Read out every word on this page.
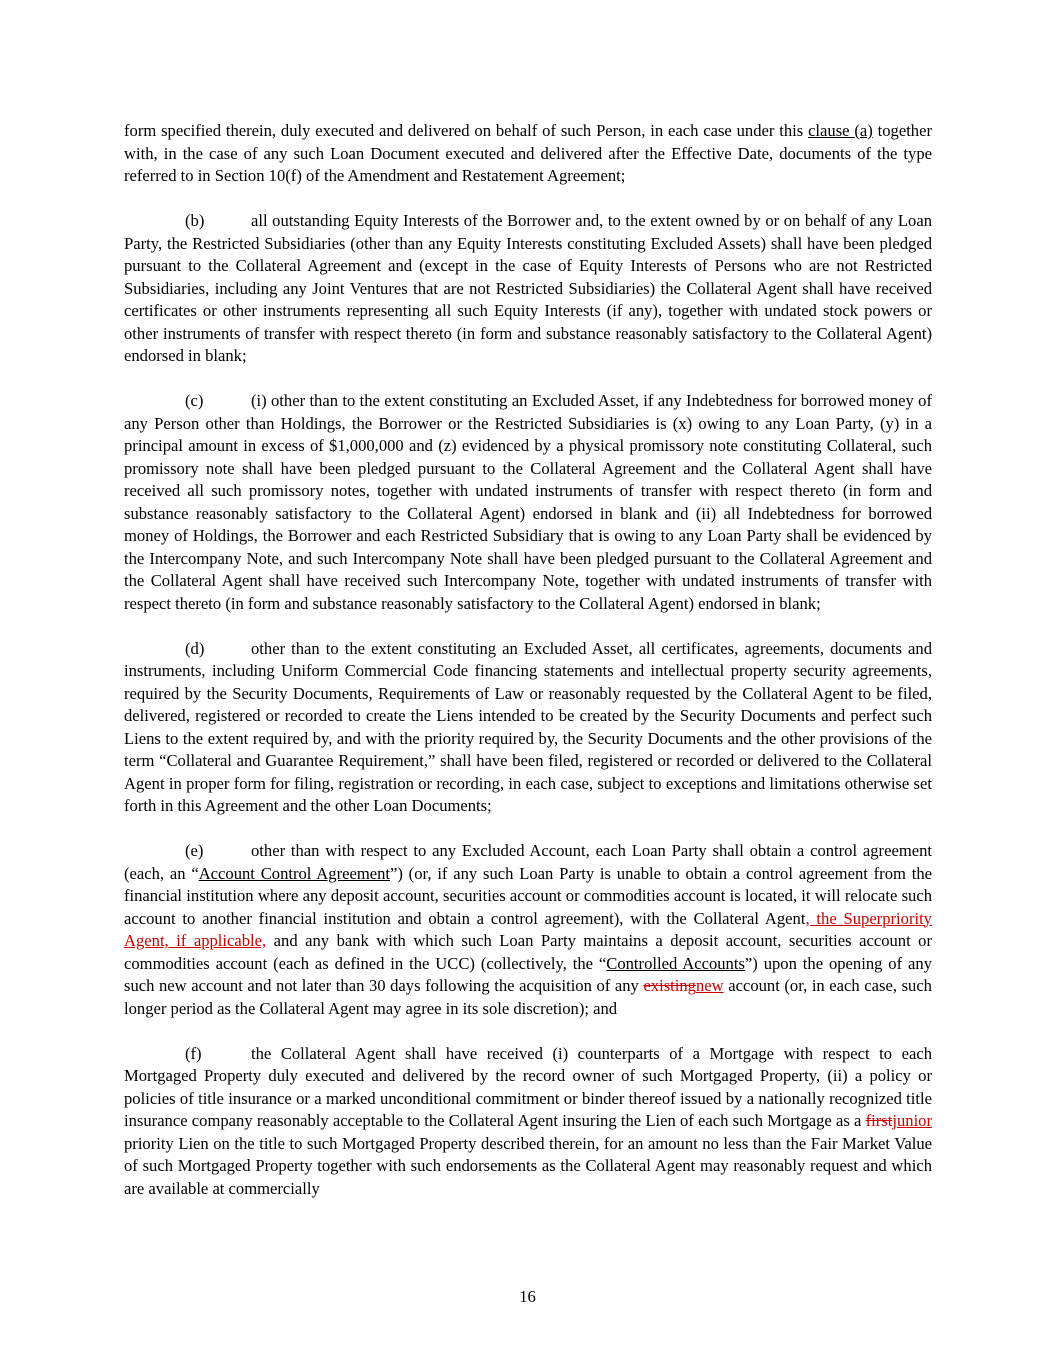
form specified therein, duly executed and delivered on behalf of such Person, in each case under this clause (a) together with, in the case of any such Loan Document executed and delivered after the Effective Date, documents of the type referred to in Section 10(f) of the Amendment and Restatement Agreement;

(b)	all outstanding Equity Interests of the Borrower and, to the extent owned by or on behalf of any Loan Party, the Restricted Subsidiaries (other than any Equity Interests constituting Excluded Assets) shall have been pledged pursuant to the Collateral Agreement and (except in the case of Equity Interests of Persons who are not Restricted Subsidiaries, including any Joint Ventures that are not Restricted Subsidiaries) the Collateral Agent shall have received certificates or other instruments representing all such Equity Interests (if any), together with undated stock powers or other instruments of transfer with respect thereto (in form and substance reasonably satisfactory to the Collateral Agent) endorsed in blank;

(c)	(i) other than to the extent constituting an Excluded Asset, if any Indebtedness for borrowed money of any Person other than Holdings, the Borrower or the Restricted Subsidiaries is (x) owing to any Loan Party, (y) in a principal amount in excess of $1,000,000 and (z) evidenced by a physical promissory note constituting Collateral, such promissory note shall have been pledged pursuant to the Collateral Agreement and the Collateral Agent shall have received all such promissory notes, together with undated instruments of transfer with respect thereto (in form and substance reasonably satisfactory to the Collateral Agent) endorsed in blank and (ii) all Indebtedness for borrowed money of Holdings, the Borrower and each Restricted Subsidiary that is owing to any Loan Party shall be evidenced by the Intercompany Note, and such Intercompany Note shall have been pledged pursuant to the Collateral Agreement and the Collateral Agent shall have received such Intercompany Note, together with undated instruments of transfer with respect thereto (in form and substance reasonably satisfactory to the Collateral Agent) endorsed in blank;

(d)	other than to the extent constituting an Excluded Asset, all certificates, agreements, documents and instruments, including Uniform Commercial Code financing statements and intellectual property security agreements, required by the Security Documents, Requirements of Law or reasonably requested by the Collateral Agent to be filed, delivered, registered or recorded to create the Liens intended to be created by the Security Documents and perfect such Liens to the extent required by, and with the priority required by, the Security Documents and the other provisions of the term “Collateral and Guarantee Requirement,” shall have been filed, registered or recorded or delivered to the Collateral Agent in proper form for filing, registration or recording, in each case, subject to exceptions and limitations otherwise set forth in this Agreement and the other Loan Documents;

(e)	other than with respect to any Excluded Account, each Loan Party shall obtain a control agreement (each, an “Account Control Agreement”) (or, if any such Loan Party is unable to obtain a control agreement from the financial institution where any deposit account, securities account or commodities account is located, it will relocate such account to another financial institution and obtain a control agreement), with the Collateral Agent, the Superpriority Agent, if applicable, and any bank with which such Loan Party maintains a deposit account, securities account or commodities account (each as defined in the UCC) (collectively, the “Controlled Accounts”) upon the opening of any such new account and not later than 30 days following the acquisition of any existingnew account (or, in each case, such longer period as the Collateral Agent may agree in its sole discretion); and

(f)	the Collateral Agent shall have received (i) counterparts of a Mortgage with respect to each Mortgaged Property duly executed and delivered by the record owner of such Mortgaged Property, (ii) a policy or policies of title insurance or a marked unconditional commitment or binder thereof issued by a nationally recognized title insurance company reasonably acceptable to the Collateral Agent insuring the Lien of each such Mortgage as a firstjunior priority Lien on the title to such Mortgaged Property described therein, for an amount no less than the Fair Market Value of such Mortgaged Property together with such endorsements as the Collateral Agent may reasonably request and which are available at commercially

16
